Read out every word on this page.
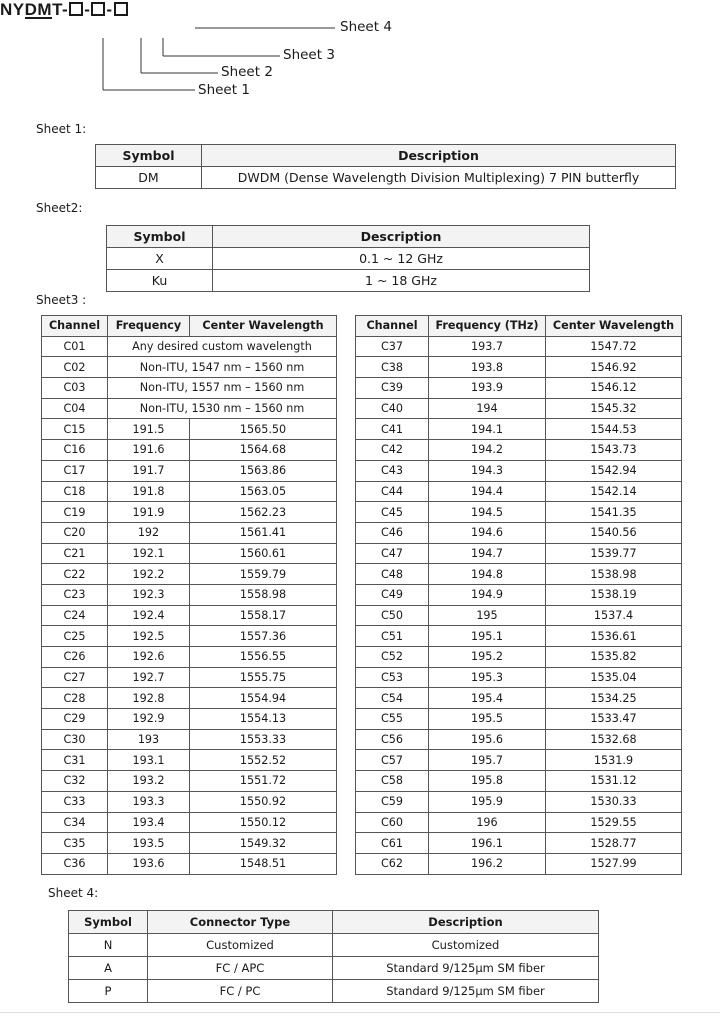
NYDMT- - -
Sheet 4
Sheet 3
Sheet 2
Sheet 1
Sheet 1:
Symbol	Description
DM	DWDM (Dense Wavelength Division Multiplexing) 7 PIN butterfly
Sheet2:
Symbol	Description
X	0.1 ~ 12 GHz
Ku	1 ~ 18 GHz
Sheet3 :
Channel	Frequency	Center Wavelength
C01	Any desired custom wavelength	
C02	Non-ITU, 1547 nm – 1560 nm	
C03	Non-ITU, 1557 nm – 1560 nm	
C04	Non-ITU, 1530 nm – 1560 nm	
C15	191.5	1565.50
C16	191.6	1564.68
C17	191.7	1563.86
C18	191.8	1563.05
C19	191.9	1562.23
C20	192	1561.41
C21	192.1	1560.61
C22	192.2	1559.79
C23	192.3	1558.98
C24	192.4	1558.17
C25	192.5	1557.36
C26	192.6	1556.55
C27	192.7	1555.75
C28	192.8	1554.94
C29	192.9	1554.13
C30	193	1553.33
C31	193.1	1552.52
C32	193.2	1551.72
C33	193.3	1550.92
C34	193.4	1550.12
C35	193.5	1549.32
C36	193.6	1548.51
Channel	Frequency (THz)	Center Wavelength
C37	193.7	1547.72
C38	193.8	1546.92
C39	193.9	1546.12
C40	194	1545.32
C41	194.1	1544.53
C42	194.2	1543.73
C43	194.3	1542.94
C44	194.4	1542.14
C45	194.5	1541.35
C46	194.6	1540.56
C47	194.7	1539.77
C48	194.8	1538.98
C49	194.9	1538.19
C50	195	1537.4
C51	195.1	1536.61
C52	195.2	1535.82
C53	195.3	1535.04
C54	195.4	1534.25
C55	195.5	1533.47
C56	195.6	1532.68
C57	195.7	1531.9
C58	195.8	1531.12
C59	195.9	1530.33
C60	196	1529.55
C61	196.1	1528.77
C62	196.2	1527.99
Sheet 4:
Symbol	Connector Type	Description
N	Customized	Customized
A	FC / APC	Standard 9/125μm SM fiber
P	FC / PC	Standard 9/125μm SM fiber
